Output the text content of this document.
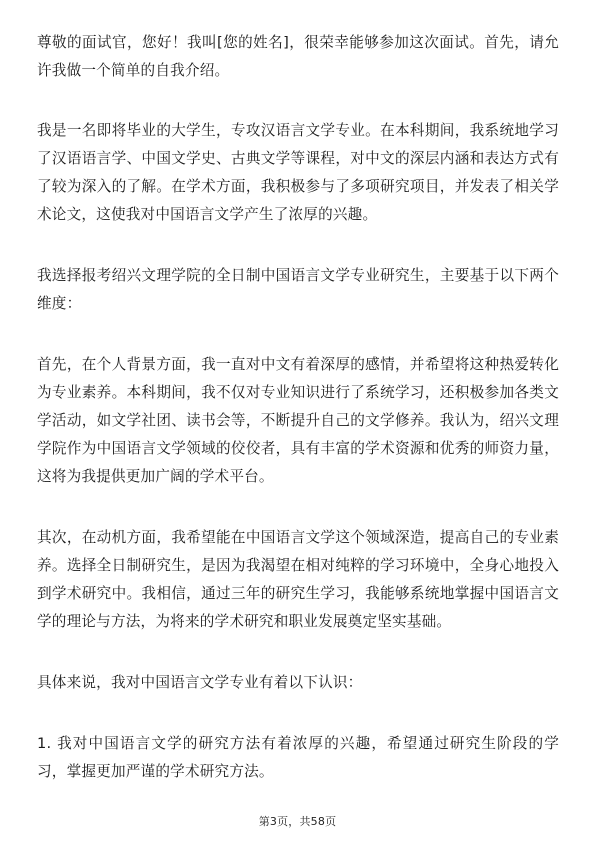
尊敬的面试官，您好！我叫[您的姓名]，很荣幸能够参加这次面试。首先，请允许我做一个简单的自我介绍。

我是一名即将毕业的大学生，专攻汉语言文学专业。在本科期间，我系统地学习了汉语语言学、中国文学史、古典文学等课程，对中文的深层内涵和表达方式有了较为深入的了解。在学术方面，我积极参与了多项研究项目，并发表了相关学术论文，这使我对中国语言文学产生了浓厚的兴趣。

我选择报考绍兴文理学院的全日制中国语言文学专业研究生，主要基于以下两个维度：

首先，在个人背景方面，我一直对中文有着深厚的感情，并希望将这种热爱转化为专业素养。本科期间，我不仅对专业知识进行了系统学习，还积极参加各类文学活动，如文学社团、读书会等，不断提升自己的文学修养。我认为，绍兴文理学院作为中国语言文学领域的佼佼者，具有丰富的学术资源和优秀的师资力量，这将为我提供更加广阔的学术平台。

其次，在动机方面，我希望能在中国语言文学这个领域深造，提高自己的专业素养。选择全日制研究生，是因为我渴望在相对纯粹的学习环境中，全身心地投入到学术研究中。我相信，通过三年的研究生学习，我能够系统地掌握中国语言文学的理论与方法，为将来的学术研究和职业发展奠定坚实基础。

具体来说，我对中国语言文学专业有着以下认识：

1. 我对中国语言文学的研究方法有着浓厚的兴趣，希望通过研究生阶段的学习，掌握更加严谨的学术研究方法。

第3页，共58页
